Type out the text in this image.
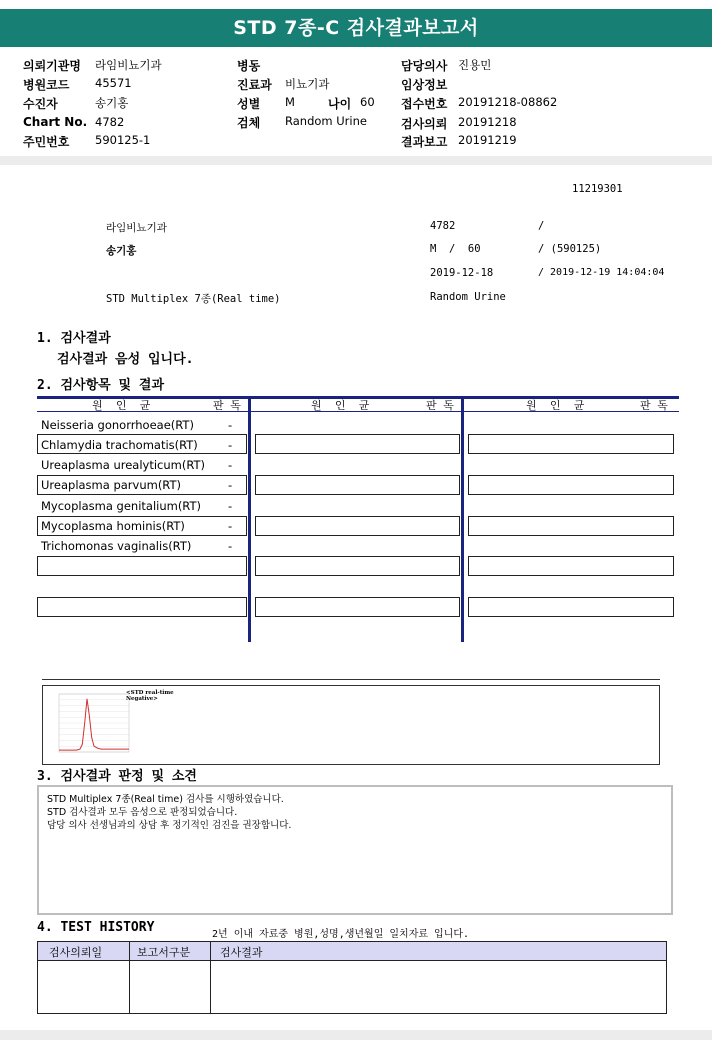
STD 7종-C 검사결과보고서
의뢰기관명 라임비뇨기과
병원코드 45571
수진자	송기홍
Chart No. 4782
주민번호 590125-1
병동
진료과 비뇨기과
성별 M	나이 60
검체 Random Urine
담당의사 진용민
임상정보
접수번호 20191218-08862
검사의뢰 20191218
결과보고 20191219
11219301
라임비뇨기과	4782	/
송기홍	M  /  60	/ (590125)
2019-12-18	/ 2019-12-19 14:04:04
STD Multiplex 7종(Real time)	Random Urine
1. 검사결과
검사결과 음성 입니다.
2. 검사항목 및 결과
원  인  균	판 독	원  인  균	판 독	원  인  균	판 독
Neisseria gonorrhoeae(RT)	-
Chlamydia trachomatis(RT)	-
Ureaplasma urealyticum(RT) -
Ureaplasma parvum(RT)	-
Mycoplasma genitalium(RT) -
Mycoplasma hominis(RT)	-
Trichomonas vaginalis(RT)	-
<STD real-time
Negative>
3. 검사결과 판정 및 소견
STD Multiplex 7종(Real time) 검사를 시행하였습니다.
STD 검사결과 모두 음성으로 판정되었습니다.
담당 의사 선생님과의 상담 후 정기적인 검진을 권장합니다.
4. TEST HISTORY	2년 이내 자료중 병원,성명,생년월일 일치자료 입니다.
검사의뢰일	보고서구분	검사결과
